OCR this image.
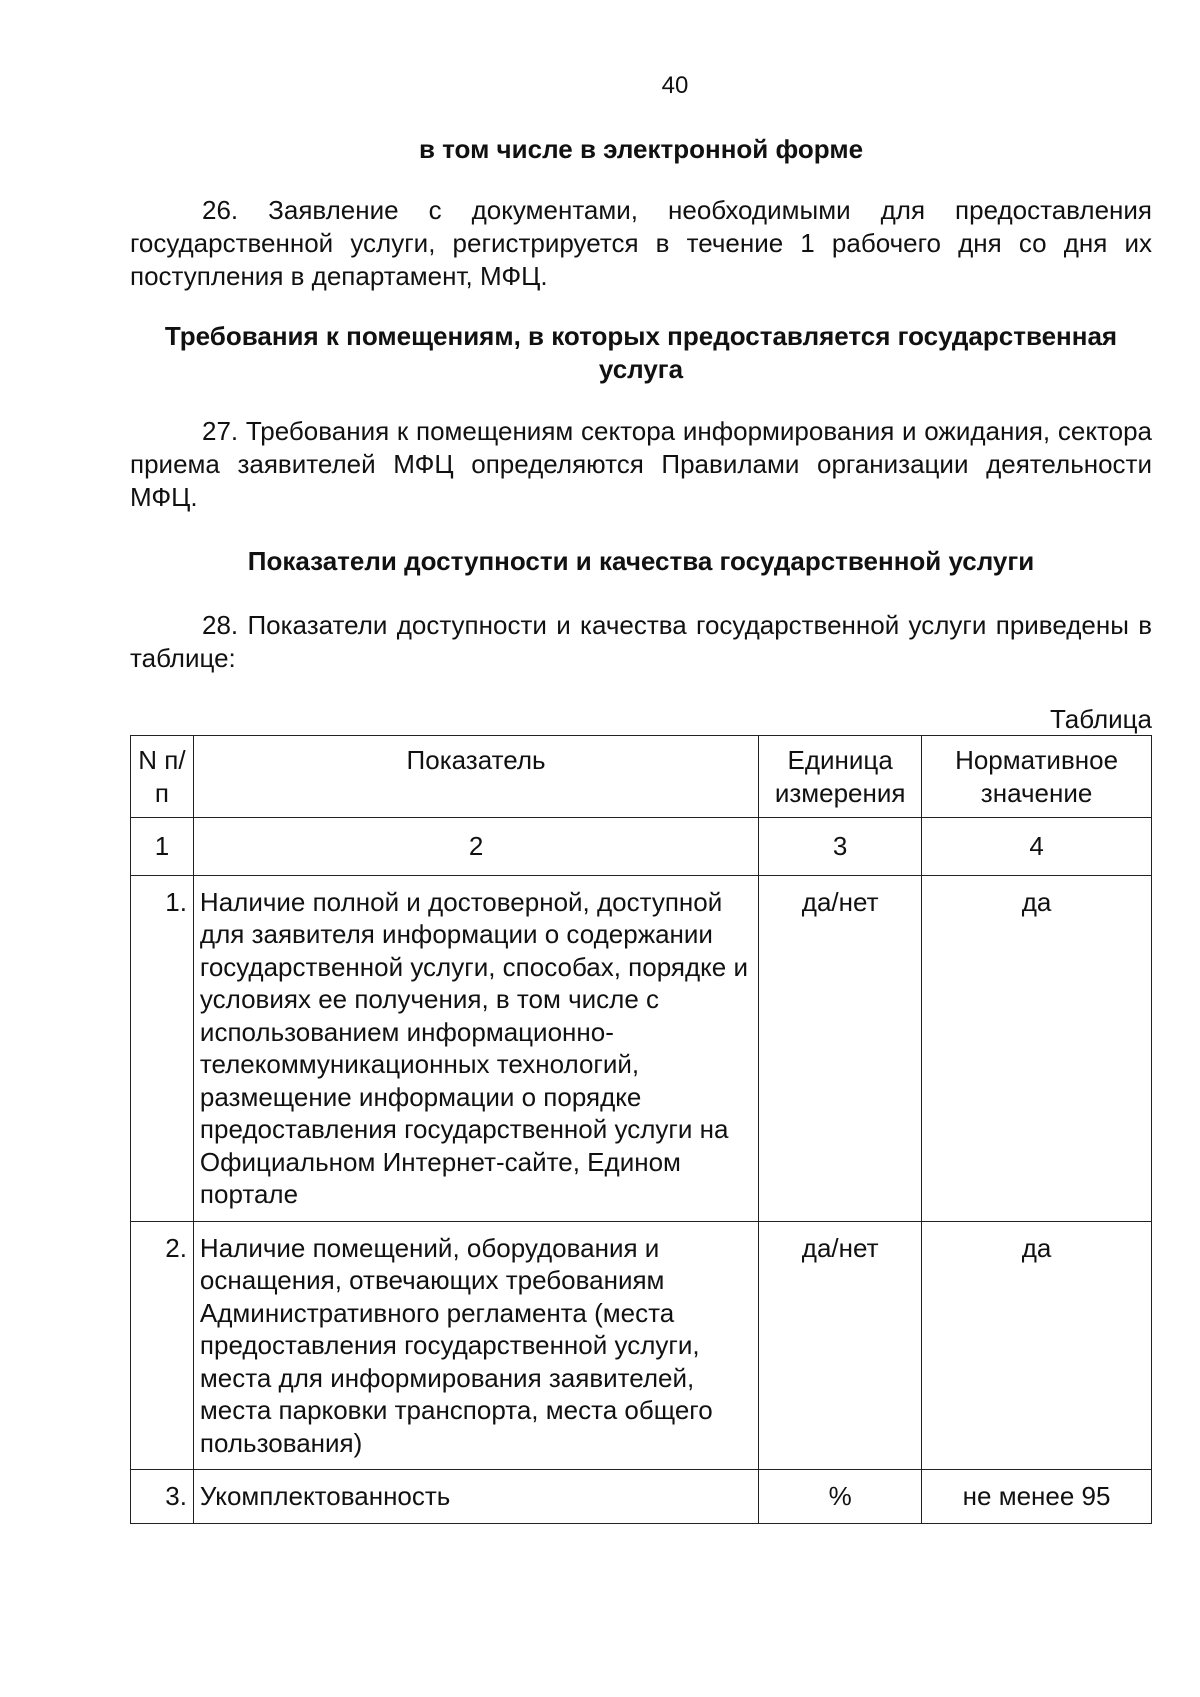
40

в том числе в электронной форме

26. Заявление с документами, необходимыми для предоставления государственной услуги, регистрируется в течение 1 рабочего дня со дня их поступления в департамент, МФЦ.

Требования к помещениям, в которых предоставляется государственная услуга

27. Требования к помещениям сектора информирования и ожидания, сектора приема заявителей МФЦ определяются Правилами организации деятельности МФЦ.

Показатели доступности и качества государственной услуги

28. Показатели доступности и качества государственной услуги приведены в таблице:

Таблица
N п/п	Показатель	Единица измерения	Нормативное значение
1	2	3	4
1.	Наличие полной и достоверной, доступной для заявителя информации о содержании государственной услуги, способах, порядке и условиях ее получения, в том числе с использованием информационно-телекоммуникационных технологий, размещение информации о порядке предоставления государственной услуги на Официальном Интернет-сайте, Едином портале	да/нет	да
2.	Наличие помещений, оборудования и оснащения, отвечающих требованиям Административного регламента (места предоставления государственной услуги, места для информирования заявителей, места парковки транспорта, места общего пользования)	да/нет	да
3.	Укомплектованность	%	не менее 95
